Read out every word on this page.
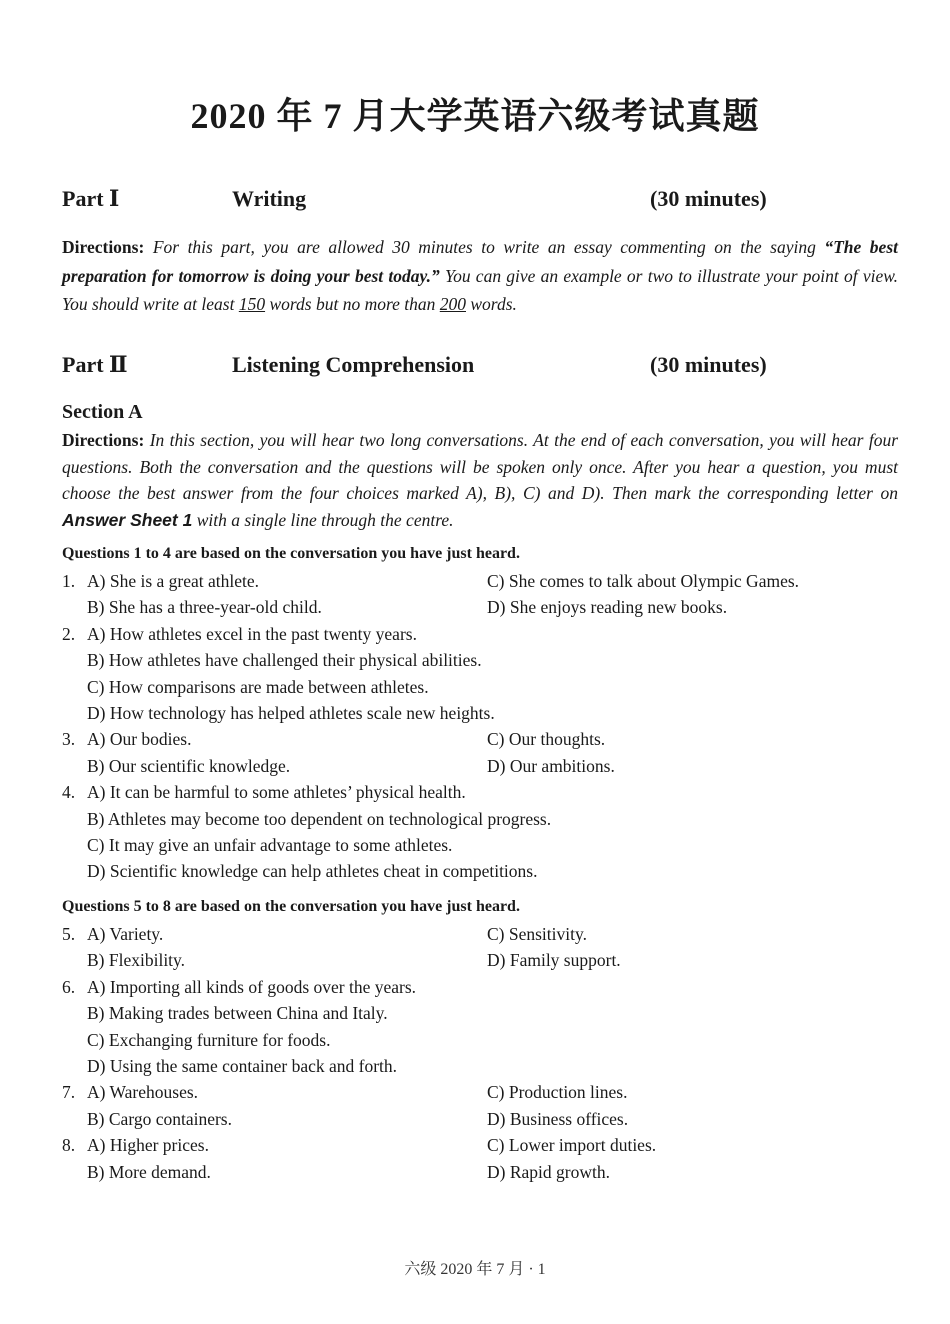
2020 年 7 月大学英语六级考试真题
Part Ⅰ	Writing	(30 minutes)
Directions: For this part, you are allowed 30 minutes to write an essay commenting on the saying “The best preparation for tomorrow is doing your best today.” You can give an example or two to illustrate your point of view. You should write at least 150 words but no more than 200 words.
Part Ⅱ	Listening Comprehension	(30 minutes)
Section A
Directions: In this section, you will hear two long conversations. At the end of each conversation, you will hear four questions. Both the conversation and the questions will be spoken only once. After you hear a question, you must choose the best answer from the four choices marked A), B), C) and D). Then mark the corresponding letter on Answer Sheet 1 with a single line through the centre.
Questions 1 to 4 are based on the conversation you have just heard.
1. A) She is a great athlete.	C) She comes to talk about Olympic Games.
B) She has a three-year-old child.	D) She enjoys reading new books.
2. A) How athletes excel in the past twenty years.
B) How athletes have challenged their physical abilities.
C) How comparisons are made between athletes.
D) How technology has helped athletes scale new heights.
3. A) Our bodies.	C) Our thoughts.
B) Our scientific knowledge.	D) Our ambitions.
4. A) It can be harmful to some athletes’ physical health.
B) Athletes may become too dependent on technological progress.
C) It may give an unfair advantage to some athletes.
D) Scientific knowledge can help athletes cheat in competitions.
Questions 5 to 8 are based on the conversation you have just heard.
5. A) Variety.	C) Sensitivity.
B) Flexibility.	D) Family support.
6. A) Importing all kinds of goods over the years.
B) Making trades between China and Italy.
C) Exchanging furniture for foods.
D) Using the same container back and forth.
7. A) Warehouses.	C) Production lines.
B) Cargo containers.	D) Business offices.
8. A) Higher prices.	C) Lower import duties.
B) More demand.	D) Rapid growth.
六级 2020 年 7 月 · 1
